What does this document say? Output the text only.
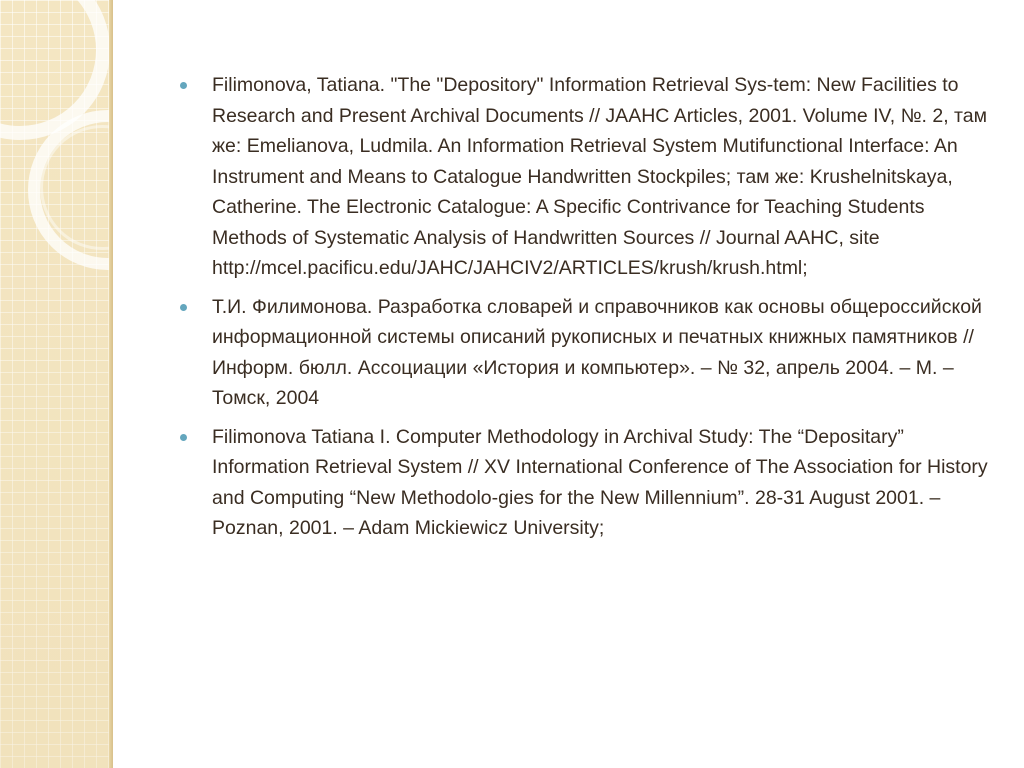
Filimonova, Tatiana. "The "Depository" Information Retrieval Sys-tem: New Facilities to Research and Present Archival Documents // JAAHC Articles, 2001. Volume IV, №. 2, там же: Emelianova, Ludmila. An Information Retrieval System Mutifunctional Interface: An Instrument and Means to Catalogue Handwritten Stockpiles; там же: Krushelnitskaya, Catherine. The Electronic Catalogue: A Specific Contrivance for Teaching Students Methods of Systematic Analysis of Handwritten Sources // Journal AAHC, site http://mcel.pacificu.edu/JAHC/JAHCIV2/ARTICLES/krush/krush.html;
Т.И. Филимонова. Разработка словарей и справочников как основы общероссийской информационной системы описаний рукописных и печатных книжных памятников // Информ. бюлл. Ассоциации «История и компьютер». – № 32, апрель 2004. – М. – Томск, 2004
Filimonova Tatiana I. Computer Methodology in Archival Study: The “Depositary” Information Retrieval System // XV International Conference of The Association for History and Computing “New Methodolo-gies for the New Millennium”. 28-31 August 2001. – Poznan, 2001. – Adam Mickiewicz University;
